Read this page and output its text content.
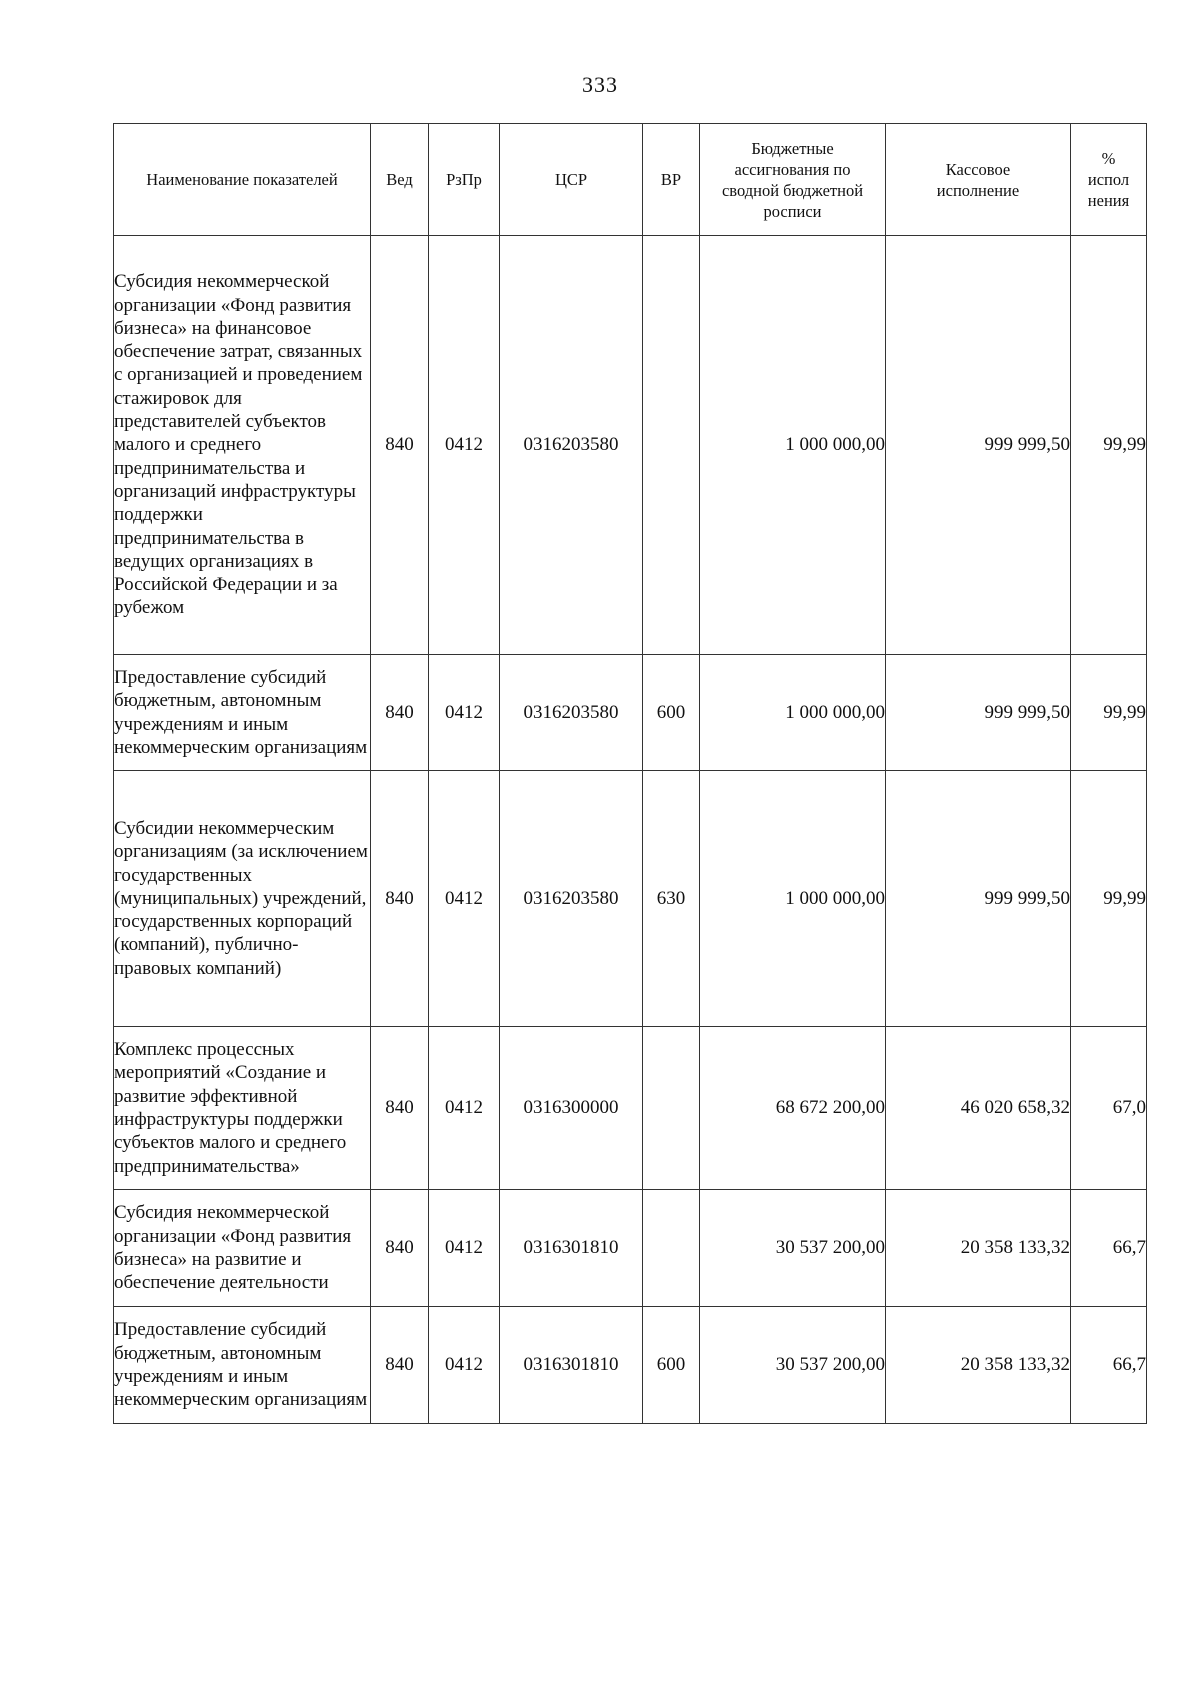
333
Наименование показателей	Вед	РзПр	ЦСР	ВР	Бюджетные ассигнования по сводной бюджетной росписи	Кассовое исполнение	% испол нения
Субсидия некоммерческой организации «Фонд развития бизнеса» на финансовое обеспечение затрат, связанных с организацией и проведением стажировок для представителей субъектов малого и среднего предпринимательства и организаций инфраструктуры поддержки предпринимательства в ведущих организациях в Российской Федерации и за рубежом	840	0412	0316203580		1 000 000,00	999 999,50	99,99
Предоставление субсидий бюджетным, автономным учреждениям и иным некоммерческим организациям	840	0412	0316203580	600	1 000 000,00	999 999,50	99,99
Субсидии некоммерческим организациям (за исключением государственных (муниципальных) учреждений, государственных корпораций (компаний), публично-правовых компаний)	840	0412	0316203580	630	1 000 000,00	999 999,50	99,99
Комплекс процессных мероприятий «Создание и развитие эффективной инфраструктуры поддержки субъектов малого и среднего предпринимательства»	840	0412	0316300000		68 672 200,00	46 020 658,32	67,0
Субсидия некоммерческой организации «Фонд развития бизнеса» на развитие и обеспечение деятельности	840	0412	0316301810		30 537 200,00	20 358 133,32	66,7
Предоставление субсидий бюджетным, автономным учреждениям и иным некоммерческим организациям	840	0412	0316301810	600	30 537 200,00	20 358 133,32	66,7
